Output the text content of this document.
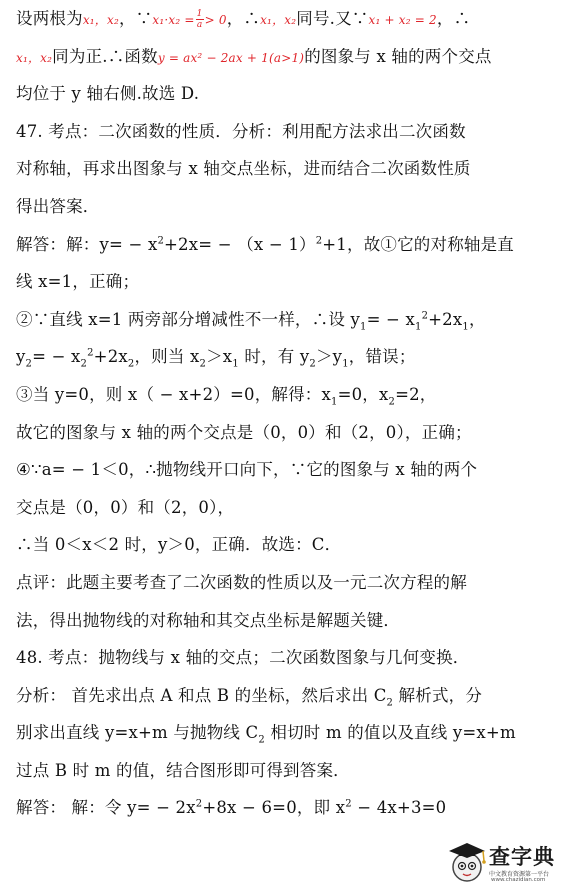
设两根为x₁，x₂，∵x₁·x₂ = $\frac{1}{a} > 0$，∴x₁，x₂同号.又∵x₁ + x₂ = 2，∴
x₁，x₂同为正.∴函数y = ax² − 2ax + 1(a>1)的图象与 x 轴的两个交点
均位于 y 轴右侧.故选 D.
47. 考点：二次函数的性质．分析：利用配方法求出二次函数
对称轴，再求出图象与 x 轴交点坐标，进而结合二次函数性质
得出答案．
解答：解：$y= - x^2+2x= - (x - 1)^2+1$，故①它的对称轴是直
线 x=1，正确；
②∵直线 x=1 两旁部分增减性不一样，∴设 $y_1= - x_1^2+2x_1$，
$y_2= - x_2^2+2x_2$，则当 $x_2>x_1$ 时，有 $y_2>y_1$，错误；
③当 y=0，则 x（ − x+2）=0，解得：$x_1=0$，$x_2=2$，
故它的图象与 x 轴的两个交点是（0，0）和（2，0），正确；
④∵a= − 1＜0，∴抛物线开口向下，∵它的图象与 x 轴的两个
交点是（0，0）和（2，0），
∴当 0＜x＜2 时，y＞0，正确．故选：C．
点评：此题主要考查了二次函数的性质以及一元二次方程的解
法，得出抛物线的对称轴和其交点坐标是解题关键．
48. 考点：抛物线与 x 轴的交点；二次函数图象与几何变换．
分析： 首先求出点 A 和点 B 的坐标，然后求出 $C_2$ 解析式，分
别求出直线 y=x+m 与抛物线 $C_2$ 相切时 m 的值以及直线 y=x+m
过点 B 时 m 的值，结合图形即可得到答案．
解答： 解：令 $y= - 2x^2+8x - 6=0$，即 $x^2 - 4x+3=0$
查字典
中文教育资源第一平台
www.chazidian.com
